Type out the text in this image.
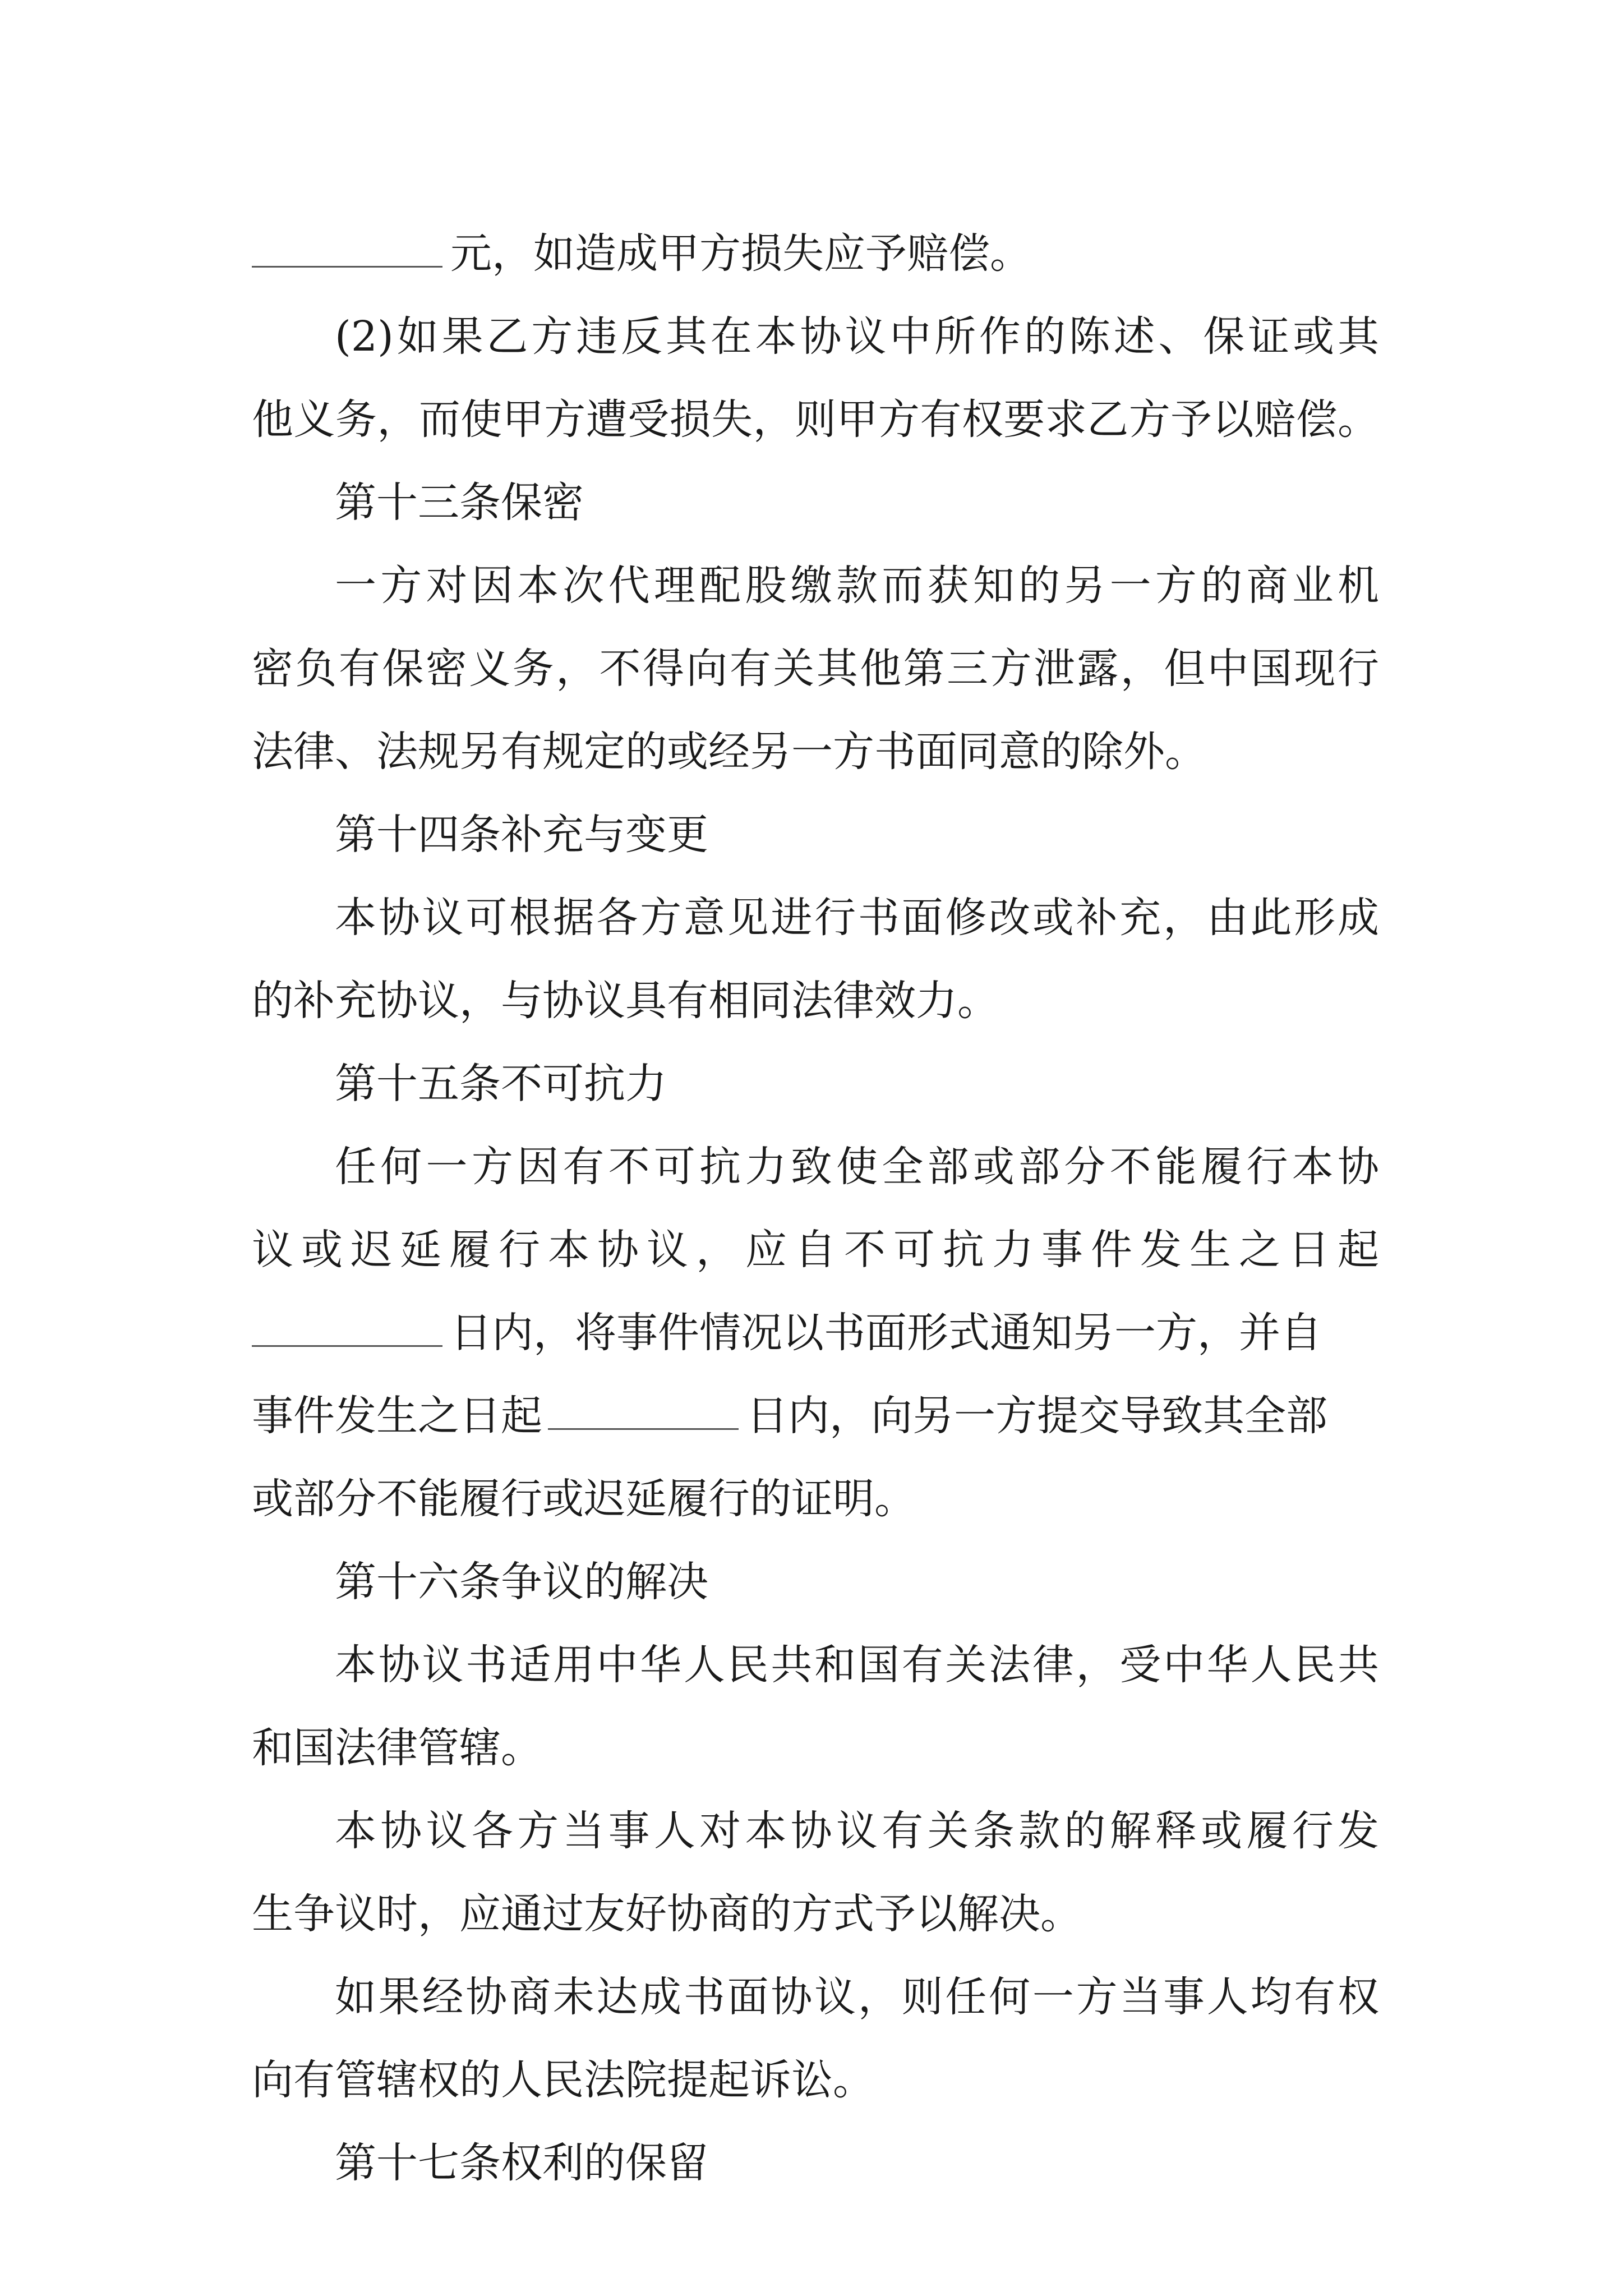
元，如造成甲方损失应予赔偿。
(2)如果乙方违反其在本协议中所作的陈述、保证或其
他义务，而使甲方遭受损失，则甲方有权要求乙方予以赔偿。
第十三条保密
一方对因本次代理配股缴款而获知的另一方的商业机
密负有保密义务，不得向有关其他第三方泄露，但中国现行
法律、法规另有规定的或经另一方书面同意的除外。
第十四条补充与变更
本协议可根据各方意见进行书面修改或补充，由此形成
的补充协议，与协议具有相同法律效力。
第十五条不可抗力
任何一方因有不可抗力致使全部或部分不能履行本协
议或迟延履行本协议，应自不可抗力事件发生之日起
日内，将事件情况以书面形式通知另一方，并自
事件发生之日起	日内，向另一方提交导致其全部
或部分不能履行或迟延履行的证明。
第十六条争议的解决
本协议书适用中华人民共和国有关法律，受中华人民共
和国法律管辖。
本协议各方当事人对本协议有关条款的解释或履行发
生争议时，应通过友好协商的方式予以解决。
如果经协商未达成书面协议，则任何一方当事人均有权
向有管辖权的人民法院提起诉讼。
第十七条权利的保留
